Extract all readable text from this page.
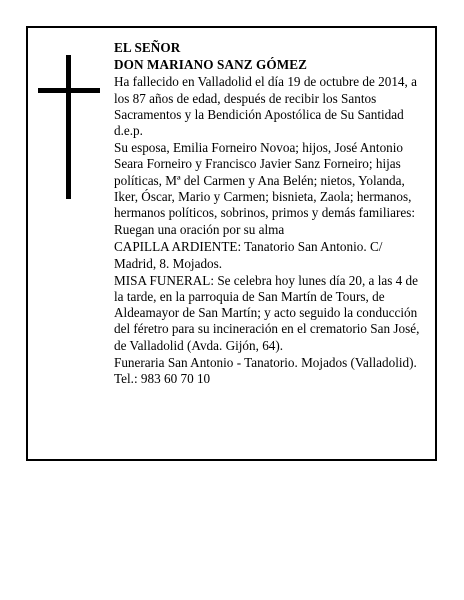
EL SEÑOR

DON MARIANO SANZ GÓMEZ

Ha fallecido en Valladolid el día 19 de octubre de 2014, a los 87 años de edad, después de recibir los Santos Sacramentos y la Bendición Apostólica de Su Santidad d.e.p.

Su esposa, Emilia Forneiro Novoa; hijos, José Antonio Seara Forneiro y Francisco Javier Sanz Forneiro; hijas políticas, Mª del Carmen y Ana Belén; nietos, Yolanda, Iker, Óscar, Mario y Carmen; bisnieta, Zaola; hermanos, hermanos políticos, sobrinos, primos y demás familiares:

Ruegan una oración por su alma

CAPILLA ARDIENTE: Tanatorio San Antonio. C/ Madrid, 8. Mojados.

MISA FUNERAL: Se celebra hoy lunes día 20, a las 4 de la tarde, en la parroquia de San Martín de Tours, de Aldeamayor de San Martín; y acto seguido la conducción del féretro para su incineración en el crematorio San José, de Valladolid (Avda. Gijón, 64).

Funeraria San Antonio - Tanatorio. Mojados (Valladolid). Tel.: 983 60 70 10
